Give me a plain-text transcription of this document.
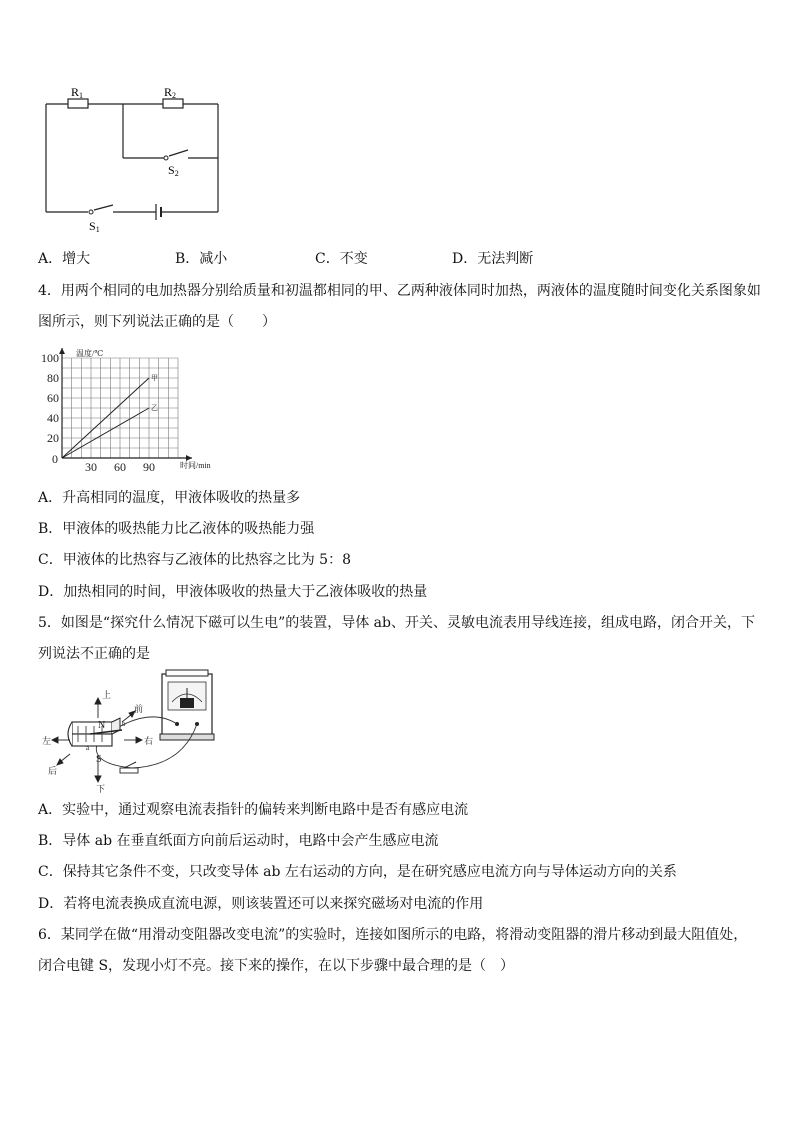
R1	R2
S2
S1
A．增大	B．减小	C．不变	D．无法判断
4．用两个相同的电加热器分别给质量和初温都相同的甲、乙两种液体同时加热，两液体的温度随时间变化关系图象如
图所示，则下列说法正确的是（　　）
甲
乙
100
80
60
40
20
30 60 90
0
温度/℃
时间/min
A．升高相同的温度，甲液体吸收的热量多
B．甲液体的吸热能力比乙液体的吸热能力强
C．甲液体的比热容与乙液体的比热容之比为 5：8
D．加热相同的时间，甲液体吸收的热量大于乙液体吸收的热量
5．如图是“探究什么情况下磁可以生电”的装置，导体 ab、开关、灵敏电流表用导线连接，组成电路，闭合开关，下
列说法不正确的是
上
下
左	右
前
后
N
S
a
b
A．实验中，通过观察电流表指针的偏转来判断电路中是否有感应电流
B．导体 ab 在垂直纸面方向前后运动时，电路中会产生感应电流
C．保持其它条件不变，只改变导体 ab 左右运动的方向，是在研究感应电流方向与导体运动方向的关系
D．若将电流表换成直流电源，则该装置还可以来探究磁场对电流的作用
6．某同学在做“用滑动变阻器改变电流”的实验时，连接如图所示的电路，将滑动变阻器的滑片移动到最大阻值处，
闭合电键 S，发现小灯不亮。接下来的操作，在以下步骤中最合理的是（　）
